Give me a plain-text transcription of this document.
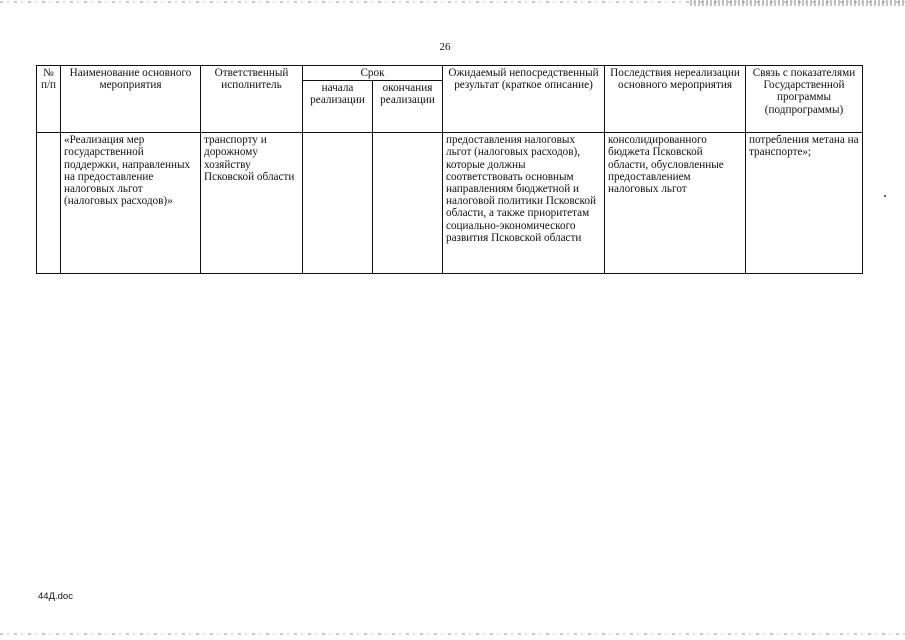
26
№ п/п	Наименование основного мероприятия	Ответственный исполнитель	Срок		Ожидаемый непосредственный результат (краткое описание)	Последствия нереализации основного мероприятия	Связь с показателями Государственной программы (подпрограммы)
			начала реализации	окончания реализации			
	«Реализация мер государственной поддержки, направленных на предоставление налоговых льгот (налоговых расходов)»	транспорту и дорожному хозяйству Псковской области			предоставления налоговых льгот (налоговых расходов), которые должны соответствовать основным направлениям бюджетной и налоговой политики Псковской области, а также приоритетам социально-экономического развития Псковской области	консолидированного бюджета Псковской области, обусловленные предоставлением налоговых льгот	потребления метана на транспорте»;
44Д.doc
